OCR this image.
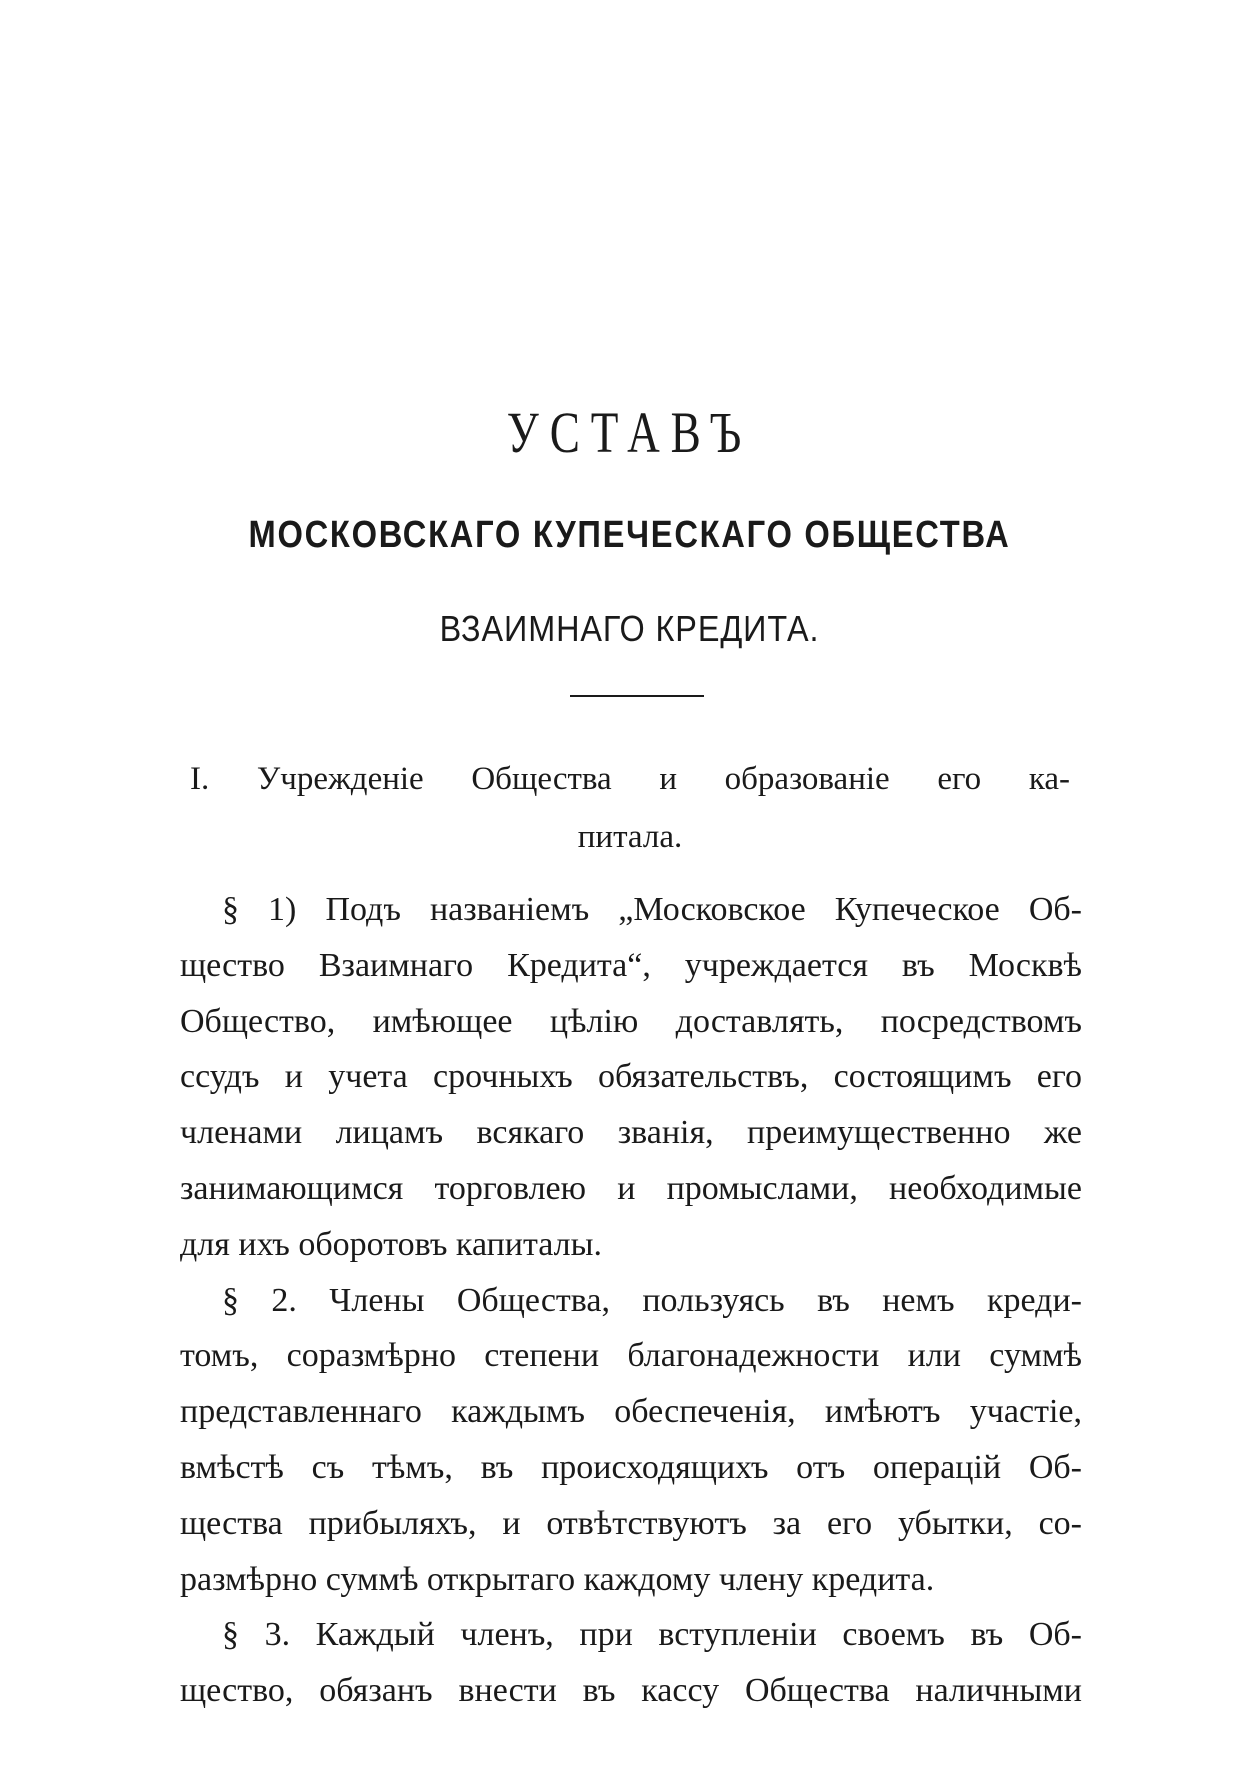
УСТАВЪ
МОСКОВСКАГО КУПЕЧЕСКАГО ОБЩЕСТВА
ВЗАИМНАГО КРЕДИТА.
I. Учрежденіе Общества и образованіе его ка-
питала.
§ 1) Подъ названіемъ „Московское Купеческое Об-
щество Взаимнаго Кредита“, учреждается въ Москвѣ
Общество, имѣющее цѣлію доставлять, посредствомъ
ссудъ и учета срочныхъ обязательствъ, состоящимъ его
членами лицамъ всякаго званія, преимущественно же
занимающимся торговлею и промыслами, необходимые
для ихъ оборотовъ капиталы.
§ 2. Члены Общества, пользуясь въ немъ креди-
томъ, соразмѣрно степени благонадежности или суммѣ
представленнаго каждымъ обеспеченія, имѣютъ участіе,
вмѣстѣ съ тѣмъ, въ происходящихъ отъ операцій Об-
щества прибыляхъ, и отвѣтствуютъ за его убытки, со-
размѣрно суммѣ открытаго каждому члену кредита.
§ 3. Каждый членъ, при вступленіи своемъ въ Об-
щество, обязанъ внести въ кассу Общества наличными
